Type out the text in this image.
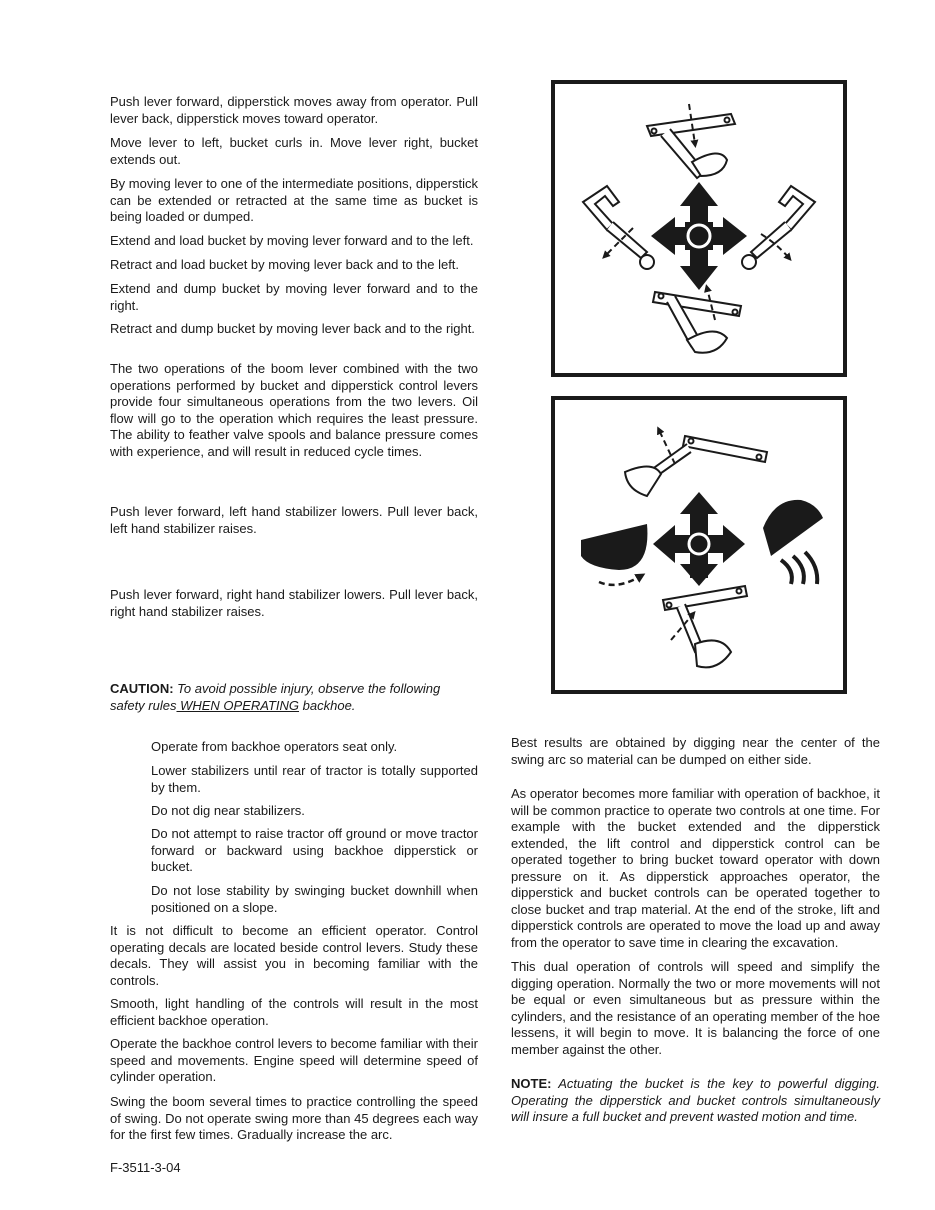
Push lever forward, dipperstick moves away from operator. Pull lever back, dipperstick moves toward operator.

Move lever to left, bucket curls in. Move lever right, bucket extends out.

By moving lever to one of the intermediate positions, dipperstick can be extended or retracted at the same time as bucket is being loaded or dumped.

Extend and load bucket by moving lever forward and to the left.

Retract and load bucket by moving lever back and to the left.

Extend and dump bucket by moving lever forward and to the right.

Retract and dump bucket by moving lever back and to the right.

The two operations of the boom lever combined with the two operations performed by bucket and dipperstick control levers provide four simultaneous operations from the two levers. Oil flow will go to the operation which requires the least pressure. The ability to feather valve spools and balance pressure comes with experience, and will result in reduced cycle times.

Push lever forward, left hand stabilizer lowers. Pull lever back, left hand stabilizer raises.

Push lever forward, right hand stabilizer lowers. Pull lever back, right hand stabilizer raises.

CAUTION: To avoid possible injury, observe the following safety rules WHEN OPERATING backhoe.

Operate from backhoe operators seat only.

Lower stabilizers until rear of tractor is totally supported by them.

Do not dig near stabilizers.

Do not attempt to raise tractor off ground or move tractor forward or backward using backhoe dipperstick or bucket.

Do not lose stability by swinging bucket downhill when positioned on a slope.

It is not difficult to become an efficient operator. Control operating decals are located beside control levers. Study these decals. They will assist you in becoming familiar with the controls.

Smooth, light handling of the controls will result in the most efficient backhoe operation.

Operate the backhoe control levers to become familiar with their speed and movements. Engine speed will determine speed of cylinder operation.

Swing the boom several times to practice controlling the speed of swing. Do not operate swing more than 45 degrees each way for the first few times. Gradually increase the arc.

Best results are obtained by digging near the center of the swing arc so material can be dumped on either side.

As operator becomes more familiar with operation of backhoe, it will be common practice to operate two controls at one time. For example with the bucket extended and the dipperstick extended, the lift control and dipperstick control can be operated together to bring bucket toward operator with down pressure on it. As dipperstick approaches operator, the dipperstick and bucket controls can be operated together to close bucket and trap material. At the end of the stroke, lift and dipperstick controls are operated to move the load up and away from the operator to save time in clearing the excavation.

This dual operation of controls will speed and simplify the digging operation. Normally the two or more movements will not be equal or even simultaneous but as pressure within the cylinders, and the resistance of an operating member of the hoe lessens, it will begin to move. It is balancing the force of one member against the other.

NOTE: Actuating the bucket is the key to powerful digging. Operating the dipperstick and bucket controls simultaneously will insure a full bucket and prevent wasted motion and time.

F-3511-3-04
